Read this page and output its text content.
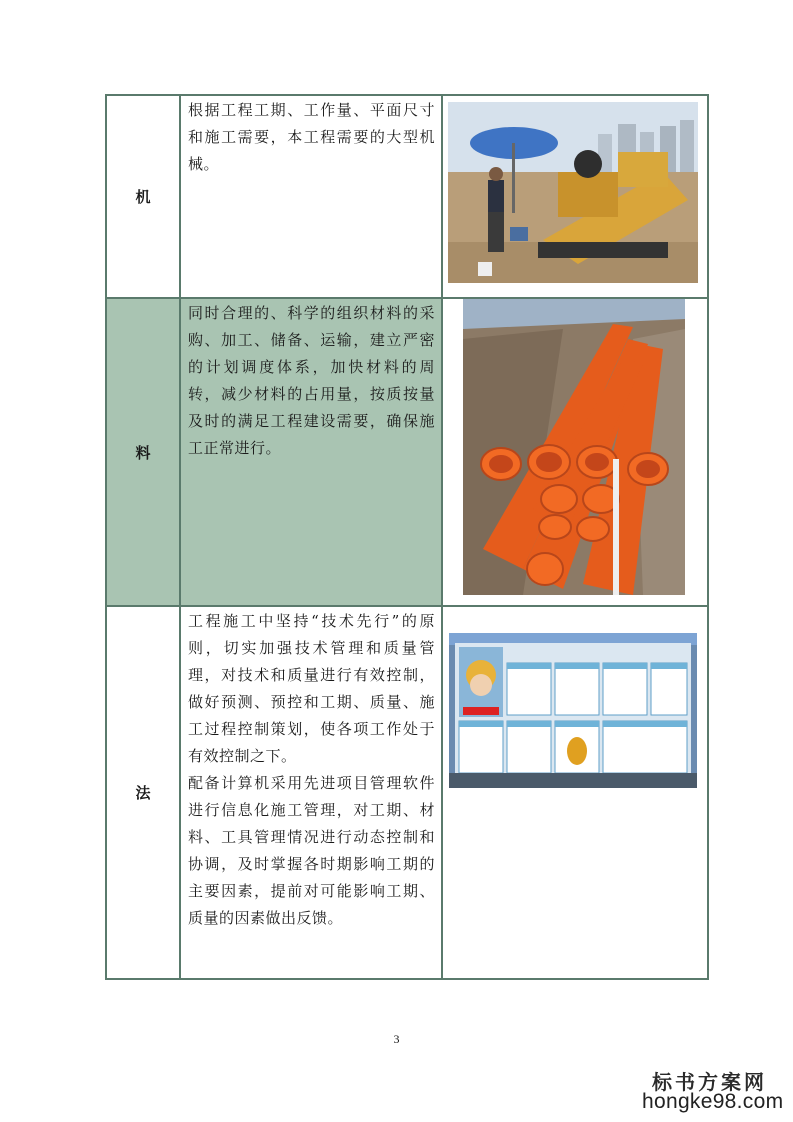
机	根据工程工期、工作量、平面尺寸和施工需要，本工程需要的大型机械。

料	同时合理的、科学的组织材料的采购、加工、储备、运输，建立严密的计划调度体系，加快材料的周转，减少材料的占用量，按质按量及时的满足工程建设需要，确保施工正常进行。

法	工程施工中坚持“技术先行”的原则，切实加强技术管理和质量管理，对技术和质量进行有效控制，做好预测、预控和工期、质量、施工过程控制策划，使各项工作处于有效控制之下。

配备计算机采用先进项目管理软件进行信息化施工管理，对工期、材料、工具管理情况进行动态控制和协调，及时掌握各时期影响工期的主要因素，提前对可能影响工期、质量的因素做出反馈。

3
标书方案网
hongke98.com
